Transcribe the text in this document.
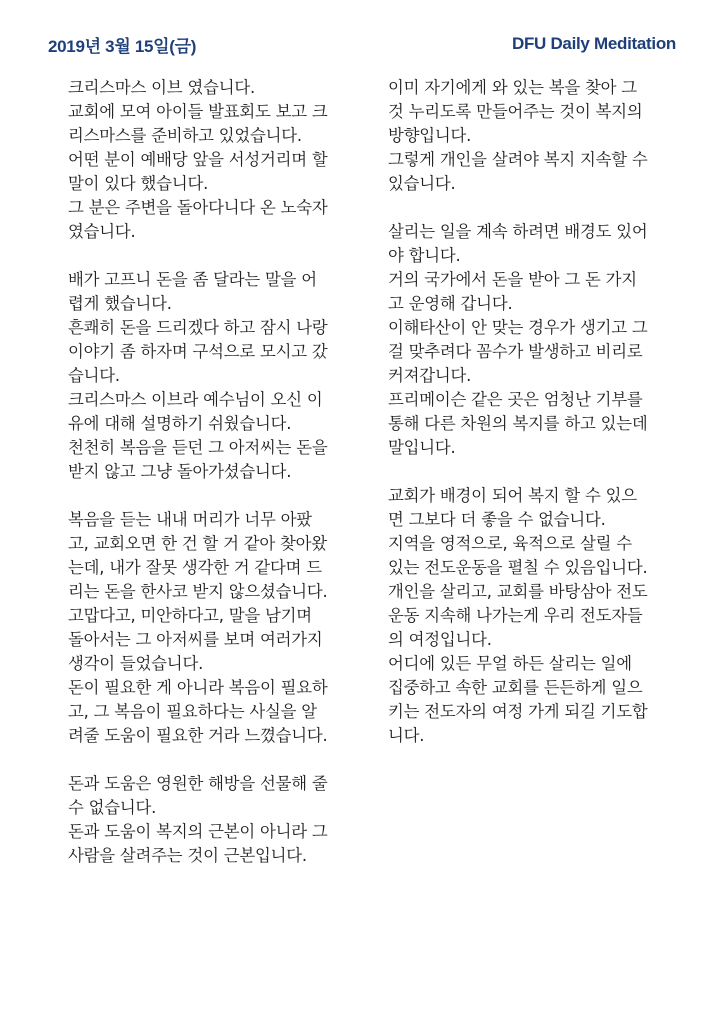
2019년 3월 15일(금)	DFU Daily Meditation
크리스마스 이브 였습니다.
교회에 모여 아이들 발표회도 보고 크
리스마스를 준비하고 있었습니다.
어떤 분이 예배당 앞을 서성거리며 할
말이 있다 했습니다.
그 분은 주변을 돌아다니다 온 노숙자
였습니다.
배가 고프니 돈을 좀 달라는 말을 어
렵게 했습니다.
흔쾌히 돈을 드리겠다 하고 잠시 나랑
이야기 좀 하자며 구석으로 모시고 갔
습니다.
크리스마스 이브라 예수님이 오신 이
유에 대해 설명하기 쉬웠습니다.
천천히 복음을 듣던 그 아저씨는 돈을
받지 않고 그냥 돌아가셨습니다.
복음을 듣는 내내 머리가 너무 아팠
고, 교회오면 한 건 할 거 같아 찾아왔
는데, 내가 잘못 생각한 거 같다며 드
리는 돈을 한사코 받지 않으셨습니다.
고맙다고, 미안하다고, 말을 남기며
돌아서는 그 아저씨를 보며 여러가지
생각이 들었습니다.
돈이 필요한 게 아니라 복음이 필요하
고, 그 복음이 필요하다는 사실을 알
려줄 도움이 필요한 거라 느꼈습니다.
돈과 도움은 영원한 해방을 선물해 줄
수 없습니다.
돈과 도움이 복지의 근본이 아니라 그
사람을 살려주는 것이 근본입니다.
이미 자기에게 와 있는 복을 찾아 그
것 누리도록 만들어주는 것이 복지의
방향입니다.
그렇게 개인을 살려야 복지 지속할 수
있습니다.
살리는 일을 계속 하려면 배경도 있어
야 합니다.
거의 국가에서 돈을 받아 그 돈 가지
고 운영해 갑니다.
이해타산이 안 맞는 경우가 생기고 그
걸 맞추려다 꼼수가 발생하고 비리로
커져갑니다.
프리메이슨 같은 곳은 엄청난 기부를
통해 다른 차원의 복지를 하고 있는데
말입니다.
교회가 배경이 되어 복지 할 수 있으
면 그보다 더 좋을 수 없습니다.
지역을 영적으로, 육적으로 살릴 수
있는 전도운동을 펼칠 수 있음입니다.
개인을 살리고, 교회를 바탕삼아 전도
운동 지속해 나가는게 우리 전도자들
의 여정입니다.
어디에 있든 무얼 하든 살리는 일에
집중하고 속한 교회를 든든하게 일으
키는 전도자의 여정 가게 되길 기도합
니다.
